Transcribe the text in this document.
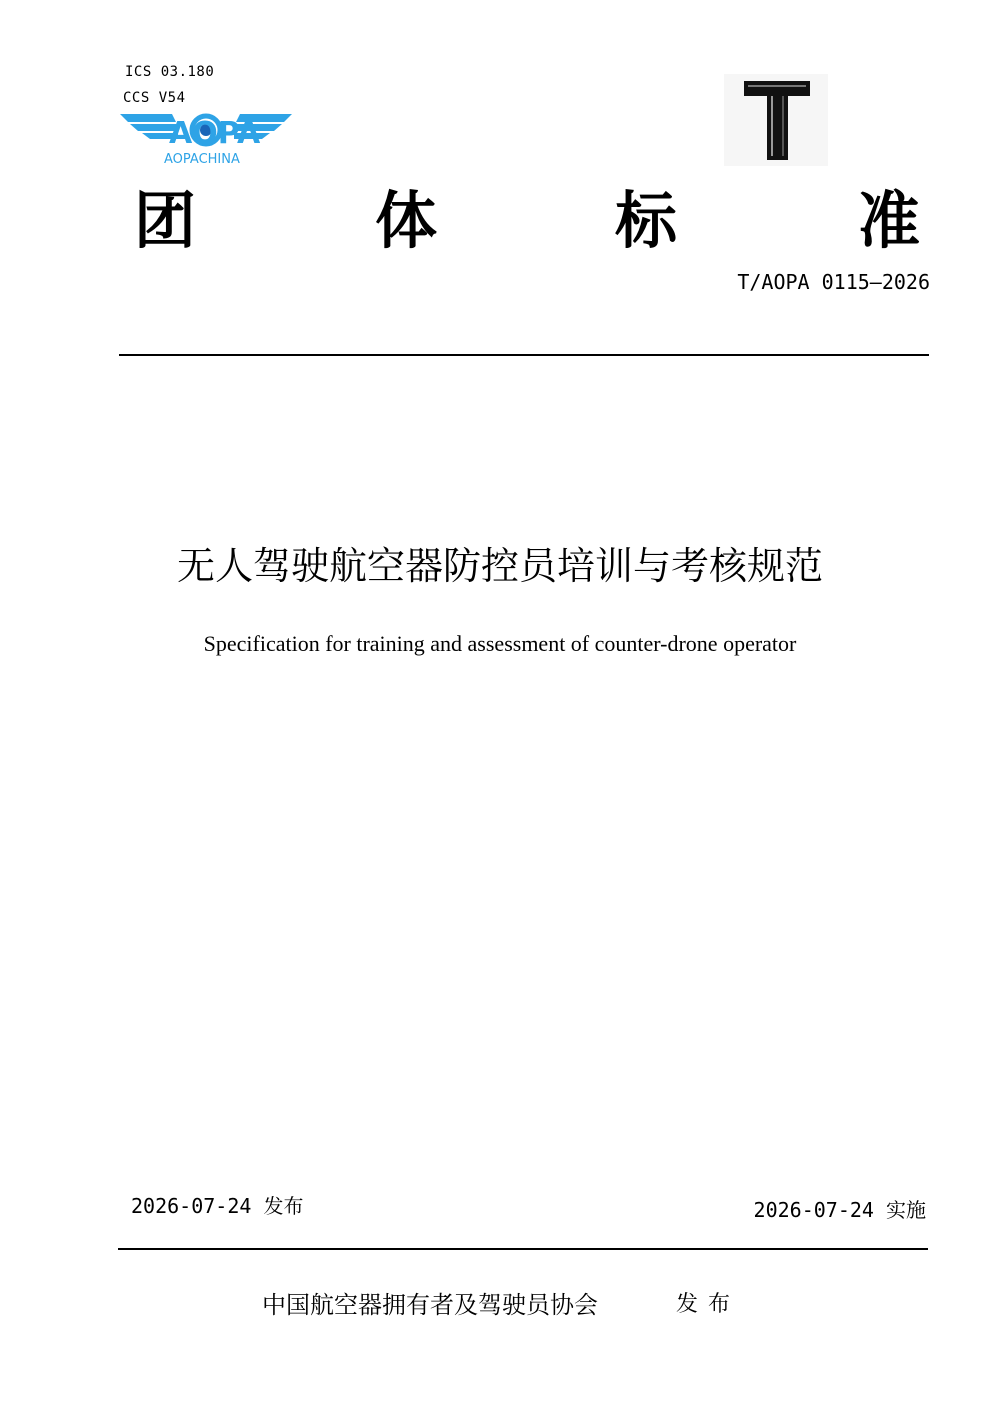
ICS 03.180
CCS V54
AOPA
AOPACHINA
T
团	体	标	准
T/AOPA 0115—2026
无人驾驶航空器防控员培训与考核规范
Specification for training and assessment of counter-drone operator
2026-07-24 发布	2026-07-24 实施
中国航空器拥有者及驾驶员协会	发布
